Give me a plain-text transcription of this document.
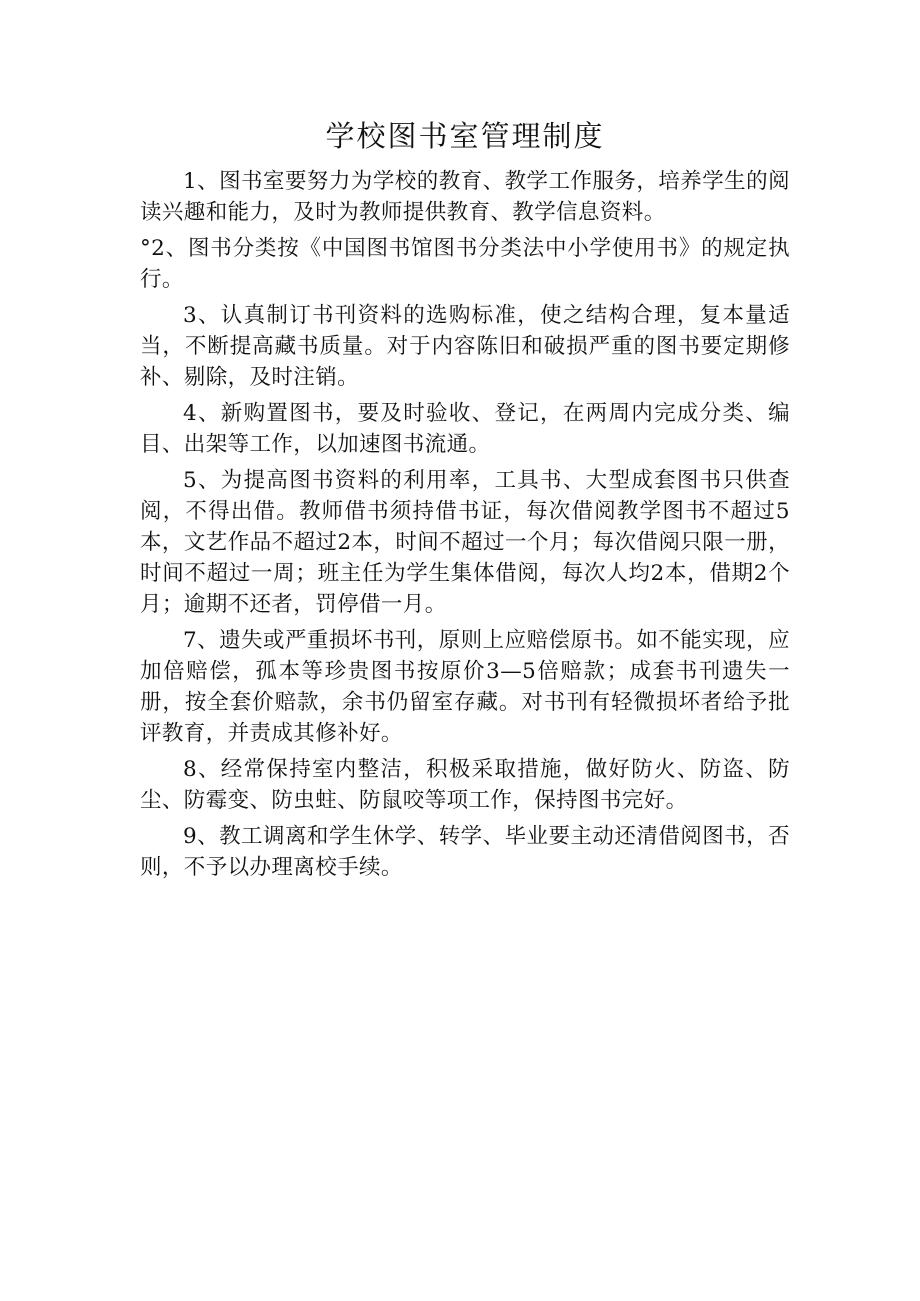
学校图书室管理制度

1、图书室要努力为学校的教育、教学工作服务，培养学生的阅读兴趣和能力，及时为教师提供教育、教学信息资料。

°2、图书分类按《中国图书馆图书分类法中小学使用书》的规定执行。

3、认真制订书刊资料的选购标准，使之结构合理，复本量适当，不断提高藏书质量。对于内容陈旧和破损严重的图书要定期修补、剔除，及时注销。

4、新购置图书，要及时验收、登记，在两周内完成分类、编目、出架等工作，以加速图书流通。

5、为提高图书资料的利用率，工具书、大型成套图书只供查阅，不得出借。教师借书须持借书证，每次借阅教学图书不超过5本，文艺作品不超过2本，时间不超过一个月；每次借阅只限一册，时间不超过一周；班主任为学生集体借阅，每次人均2本，借期2个月；逾期不还者，罚停借一月。

7、遗失或严重损坏书刊，原则上应赔偿原书。如不能实现，应加倍赔偿，孤本等珍贵图书按原价3—5倍赔款；成套书刊遗失一册，按全套价赔款，余书仍留室存藏。对书刊有轻微损坏者给予批评教育，并责成其修补好。

8、经常保持室内整洁，积极采取措施，做好防火、防盗、防尘、防霉变、防虫蛀、防鼠咬等项工作，保持图书完好。

9、教工调离和学生休学、转学、毕业要主动还清借阅图书，否则，不予以办理离校手续。
